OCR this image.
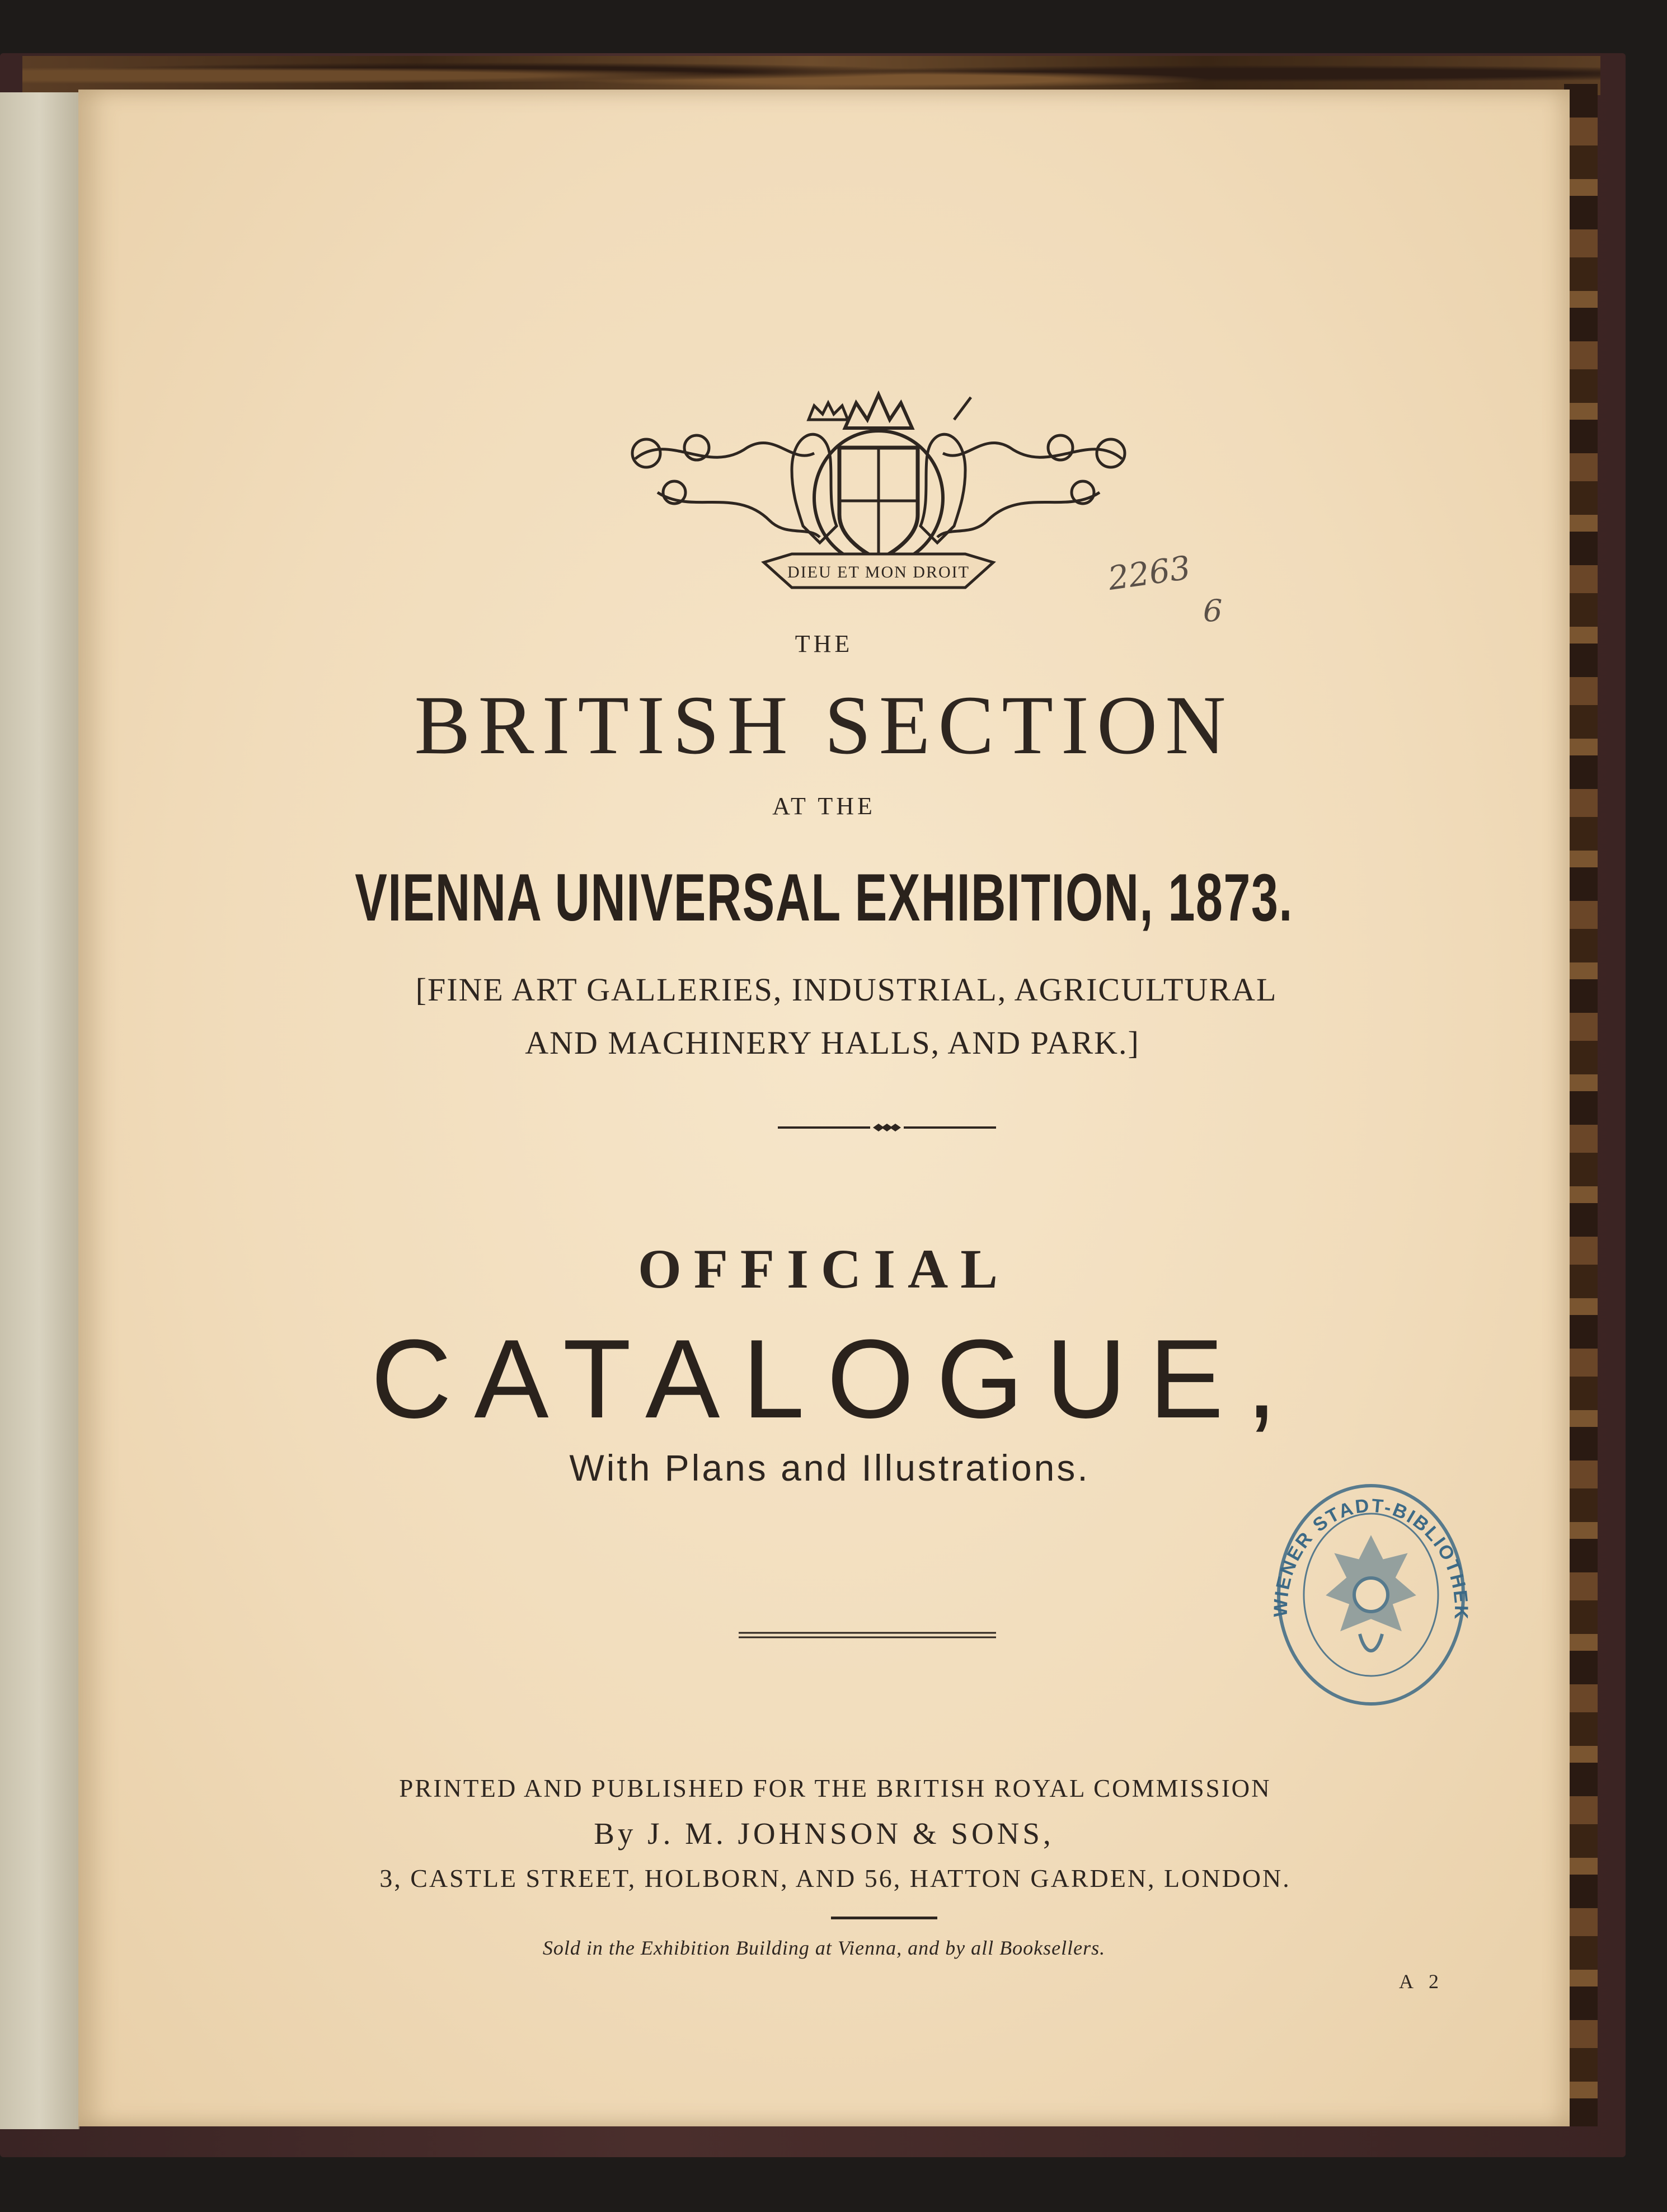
DIEU ET MON DROIT	2263
6
THE
BRITISH SECTION
AT THE
VIENNA UNIVERSAL EXHIBITION, 1873.
[FINE ART GALLERIES, INDUSTRIAL, AGRICULTURAL
AND MACHINERY HALLS, AND PARK.]
OFFICIAL
CATALOGUE,
With Plans and Illustrations.
WIENER STADT-BIBLIOTHEK
PRINTED AND PUBLISHED FOR THE BRITISH ROYAL COMMISSION
By J. M. JOHNSON & SONS,
3, CASTLE STREET, HOLBORN, AND 56, HATTON GARDEN, LONDON.
Sold in the Exhibition Building at Vienna, and by all Booksellers.
A 2
